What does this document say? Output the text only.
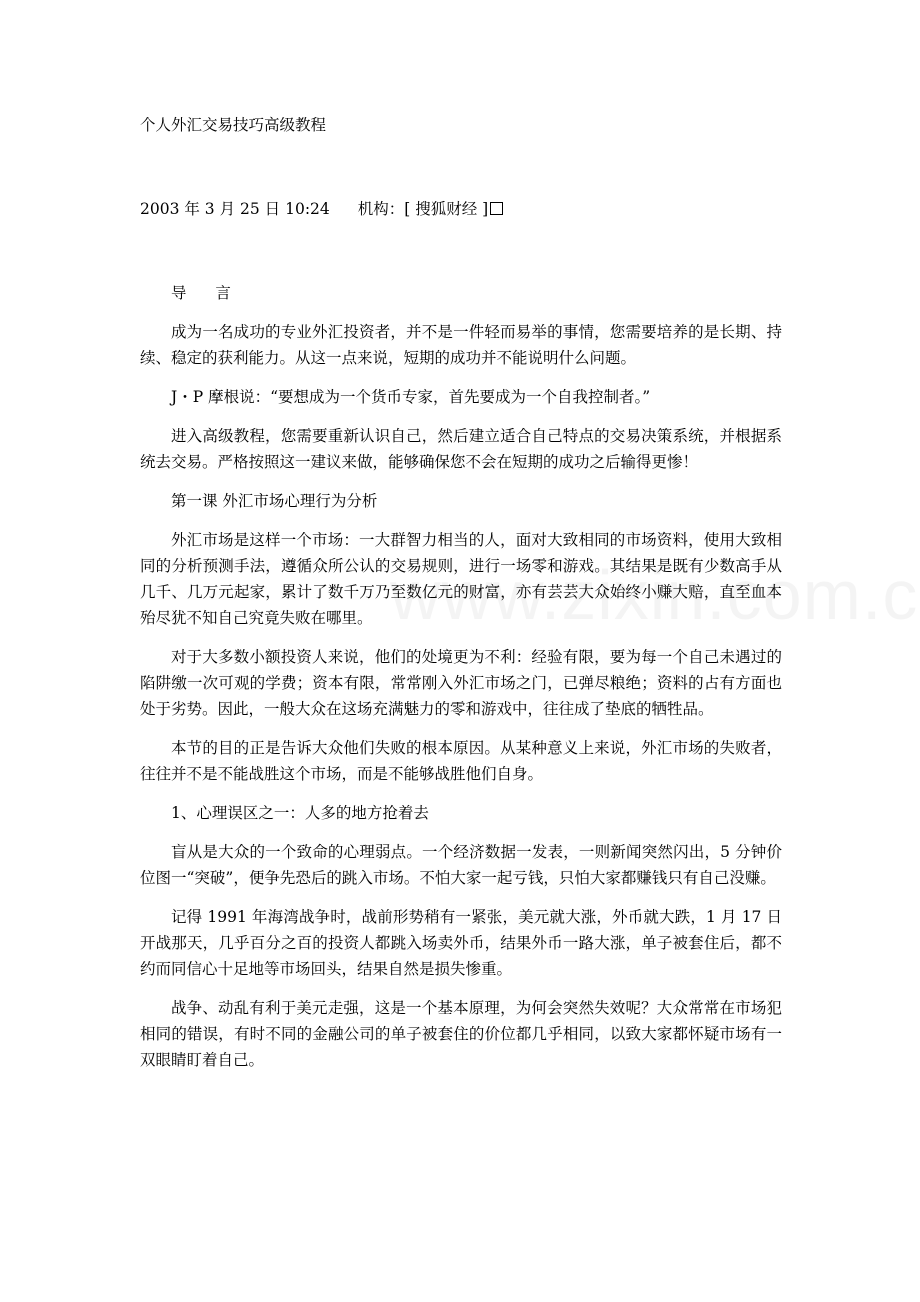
个人外汇交易技巧高级教程
2003 年 3 月 25 日 10:24 机构：[ 搜狐财经 ]

导 言

成为一名成功的专业外汇投资者，并不是一件轻而易举的事情，您需要培养的是长期、持续、稳定的获利能力。从这一点来说，短期的成功并不能说明什么问题。

J・P 摩根说：“要想成为一个货币专家，首先要成为一个自我控制者。”

进入高级教程，您需要重新认识自己，然后建立适合自己特点的交易决策系统，并根据系统去交易。严格按照这一建议来做，能够确保您不会在短期的成功之后输得更惨！

第一课 外汇市场心理行为分析

外汇市场是这样一个市场：一大群智力相当的人，面对大致相同的市场资料，使用大致相同的分析预测手法，遵循众所公认的交易规则，进行一场零和游戏。其结果是既有少数高手从几千、几万元起家，累计了数千万乃至数亿元的财富，亦有芸芸大众始终小赚大赔，直至血本殆尽犹不知自己究竟失败在哪里。

对于大多数小额投资人来说，他们的处境更为不利：经验有限，要为每一个自己未遇过的陷阱缴一次可观的学费；资本有限，常常刚入外汇市场之门，已弹尽粮绝；资料的占有方面也处于劣势。因此，一般大众在这场充满魅力的零和游戏中，往往成了垫底的牺牲品。

本节的目的正是告诉大众他们失败的根本原因。从某种意义上来说，外汇市场的失败者，往往并不是不能战胜这个市场，而是不能够战胜他们自身。

1、心理误区之一：人多的地方抢着去

盲从是大众的一个致命的心理弱点。一个经济数据一发表，一则新闻突然闪出，5 分钟价位图一“突破”，便争先恐后的跳入市场。不怕大家一起亏钱，只怕大家都赚钱只有自己没赚。

记得 1991 年海湾战争时，战前形势稍有一紧张，美元就大涨，外币就大跌，1 月 17 日开战那天，几乎百分之百的投资人都跳入场卖外币，结果外币一路大涨，单子被套住后，都不约而同信心十足地等市场回头，结果自然是损失惨重。

战争、动乱有利于美元走强，这是一个基本原理，为何会突然失效呢？大众常常在市场犯相同的错误，有时不同的金融公司的单子被套住的价位都几乎相同，以致大家都怀疑市场有一双眼睛盯着自己。
